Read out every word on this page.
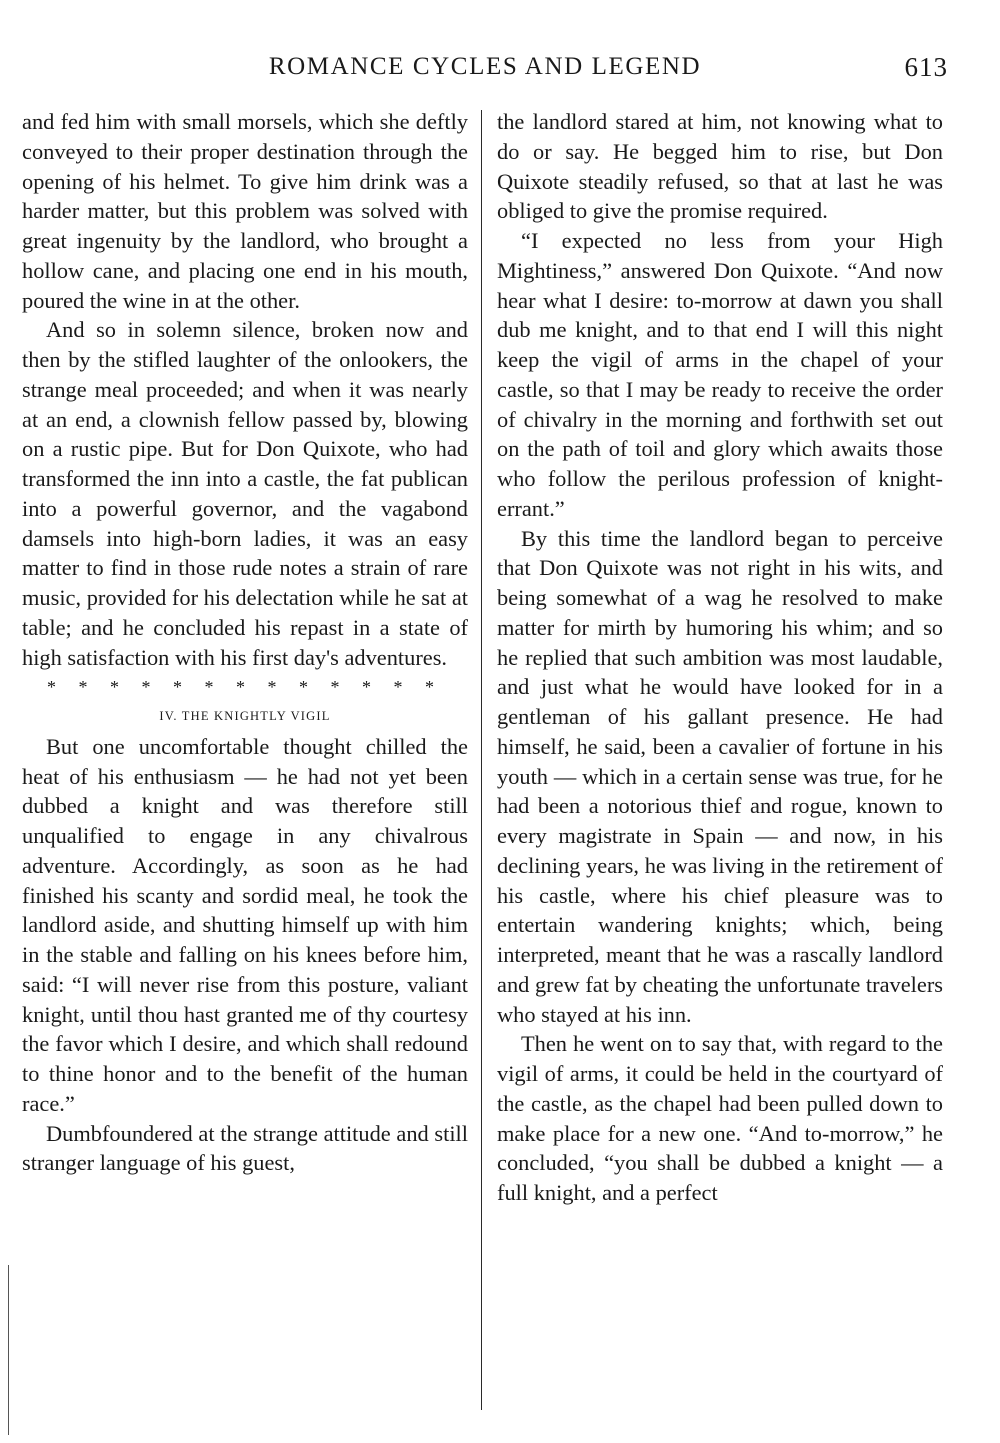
ROMANCE CYCLES AND LEGEND	613

and fed him with small morsels, which she deftly conveyed to their proper destination through the opening of his helmet. To give him drink was a harder matter, but this problem was solved with great ingenuity by the landlord, who brought a hollow cane, and placing one end in his mouth, poured the wine in at the other.

And so in solemn silence, broken now and then by the stifled laughter of the onlookers, the strange meal proceeded; and when it was nearly at an end, a clownish fellow passed by, blowing on a rustic pipe. But for Don Quixote, who had transformed the inn into a castle, the fat publican into a powerful governor, and the vagabond damsels into high-born ladies, it was an easy matter to find in those rude notes a strain of rare music, provided for his delectation while he sat at table; and he concluded his repast in a state of high satisfaction with his first day's adventures.

* * * * * * * * * * * * *
IV. THE KNIGHTLY VIGIL

But one uncomfortable thought chilled the heat of his enthusiasm — he had not yet been dubbed a knight and was therefore still unqualified to engage in any chivalrous adventure. Accordingly, as soon as he had finished his scanty and sordid meal, he took the landlord aside, and shutting himself up with him in the stable and falling on his knees before him, said: “I will never rise from this posture, valiant knight, until thou hast granted me of thy courtesy the favor which I desire, and which shall redound to thine honor and to the benefit of the human race.”

Dumbfoundered at the strange attitude and still stranger language of his guest,

the landlord stared at him, not knowing what to do or say. He begged him to rise, but Don Quixote steadily refused, so that at last he was obliged to give the promise required.

“I expected no less from your High Mightiness,” answered Don Quixote. “And now hear what I desire: to-morrow at dawn you shall dub me knight, and to that end I will this night keep the vigil of arms in the chapel of your castle, so that I may be ready to receive the order of chivalry in the morning and forthwith set out on the path of toil and glory which awaits those who follow the perilous profession of knight-errant.”

By this time the landlord began to perceive that Don Quixote was not right in his wits, and being somewhat of a wag he resolved to make matter for mirth by humoring his whim; and so he replied that such ambition was most laudable, and just what he would have looked for in a gentleman of his gallant presence. He had himself, he said, been a cavalier of fortune in his youth — which in a certain sense was true, for he had been a notorious thief and rogue, known to every magistrate in Spain — and now, in his declining years, he was living in the retirement of his castle, where his chief pleasure was to entertain wandering knights; which, being interpreted, meant that he was a rascally landlord and grew fat by cheating the unfortunate travelers who stayed at his inn.

Then he went on to say that, with regard to the vigil of arms, it could be held in the courtyard of the castle, as the chapel had been pulled down to make place for a new one. “And to-morrow,” he concluded, “you shall be dubbed a knight — a full knight, and a perfect
